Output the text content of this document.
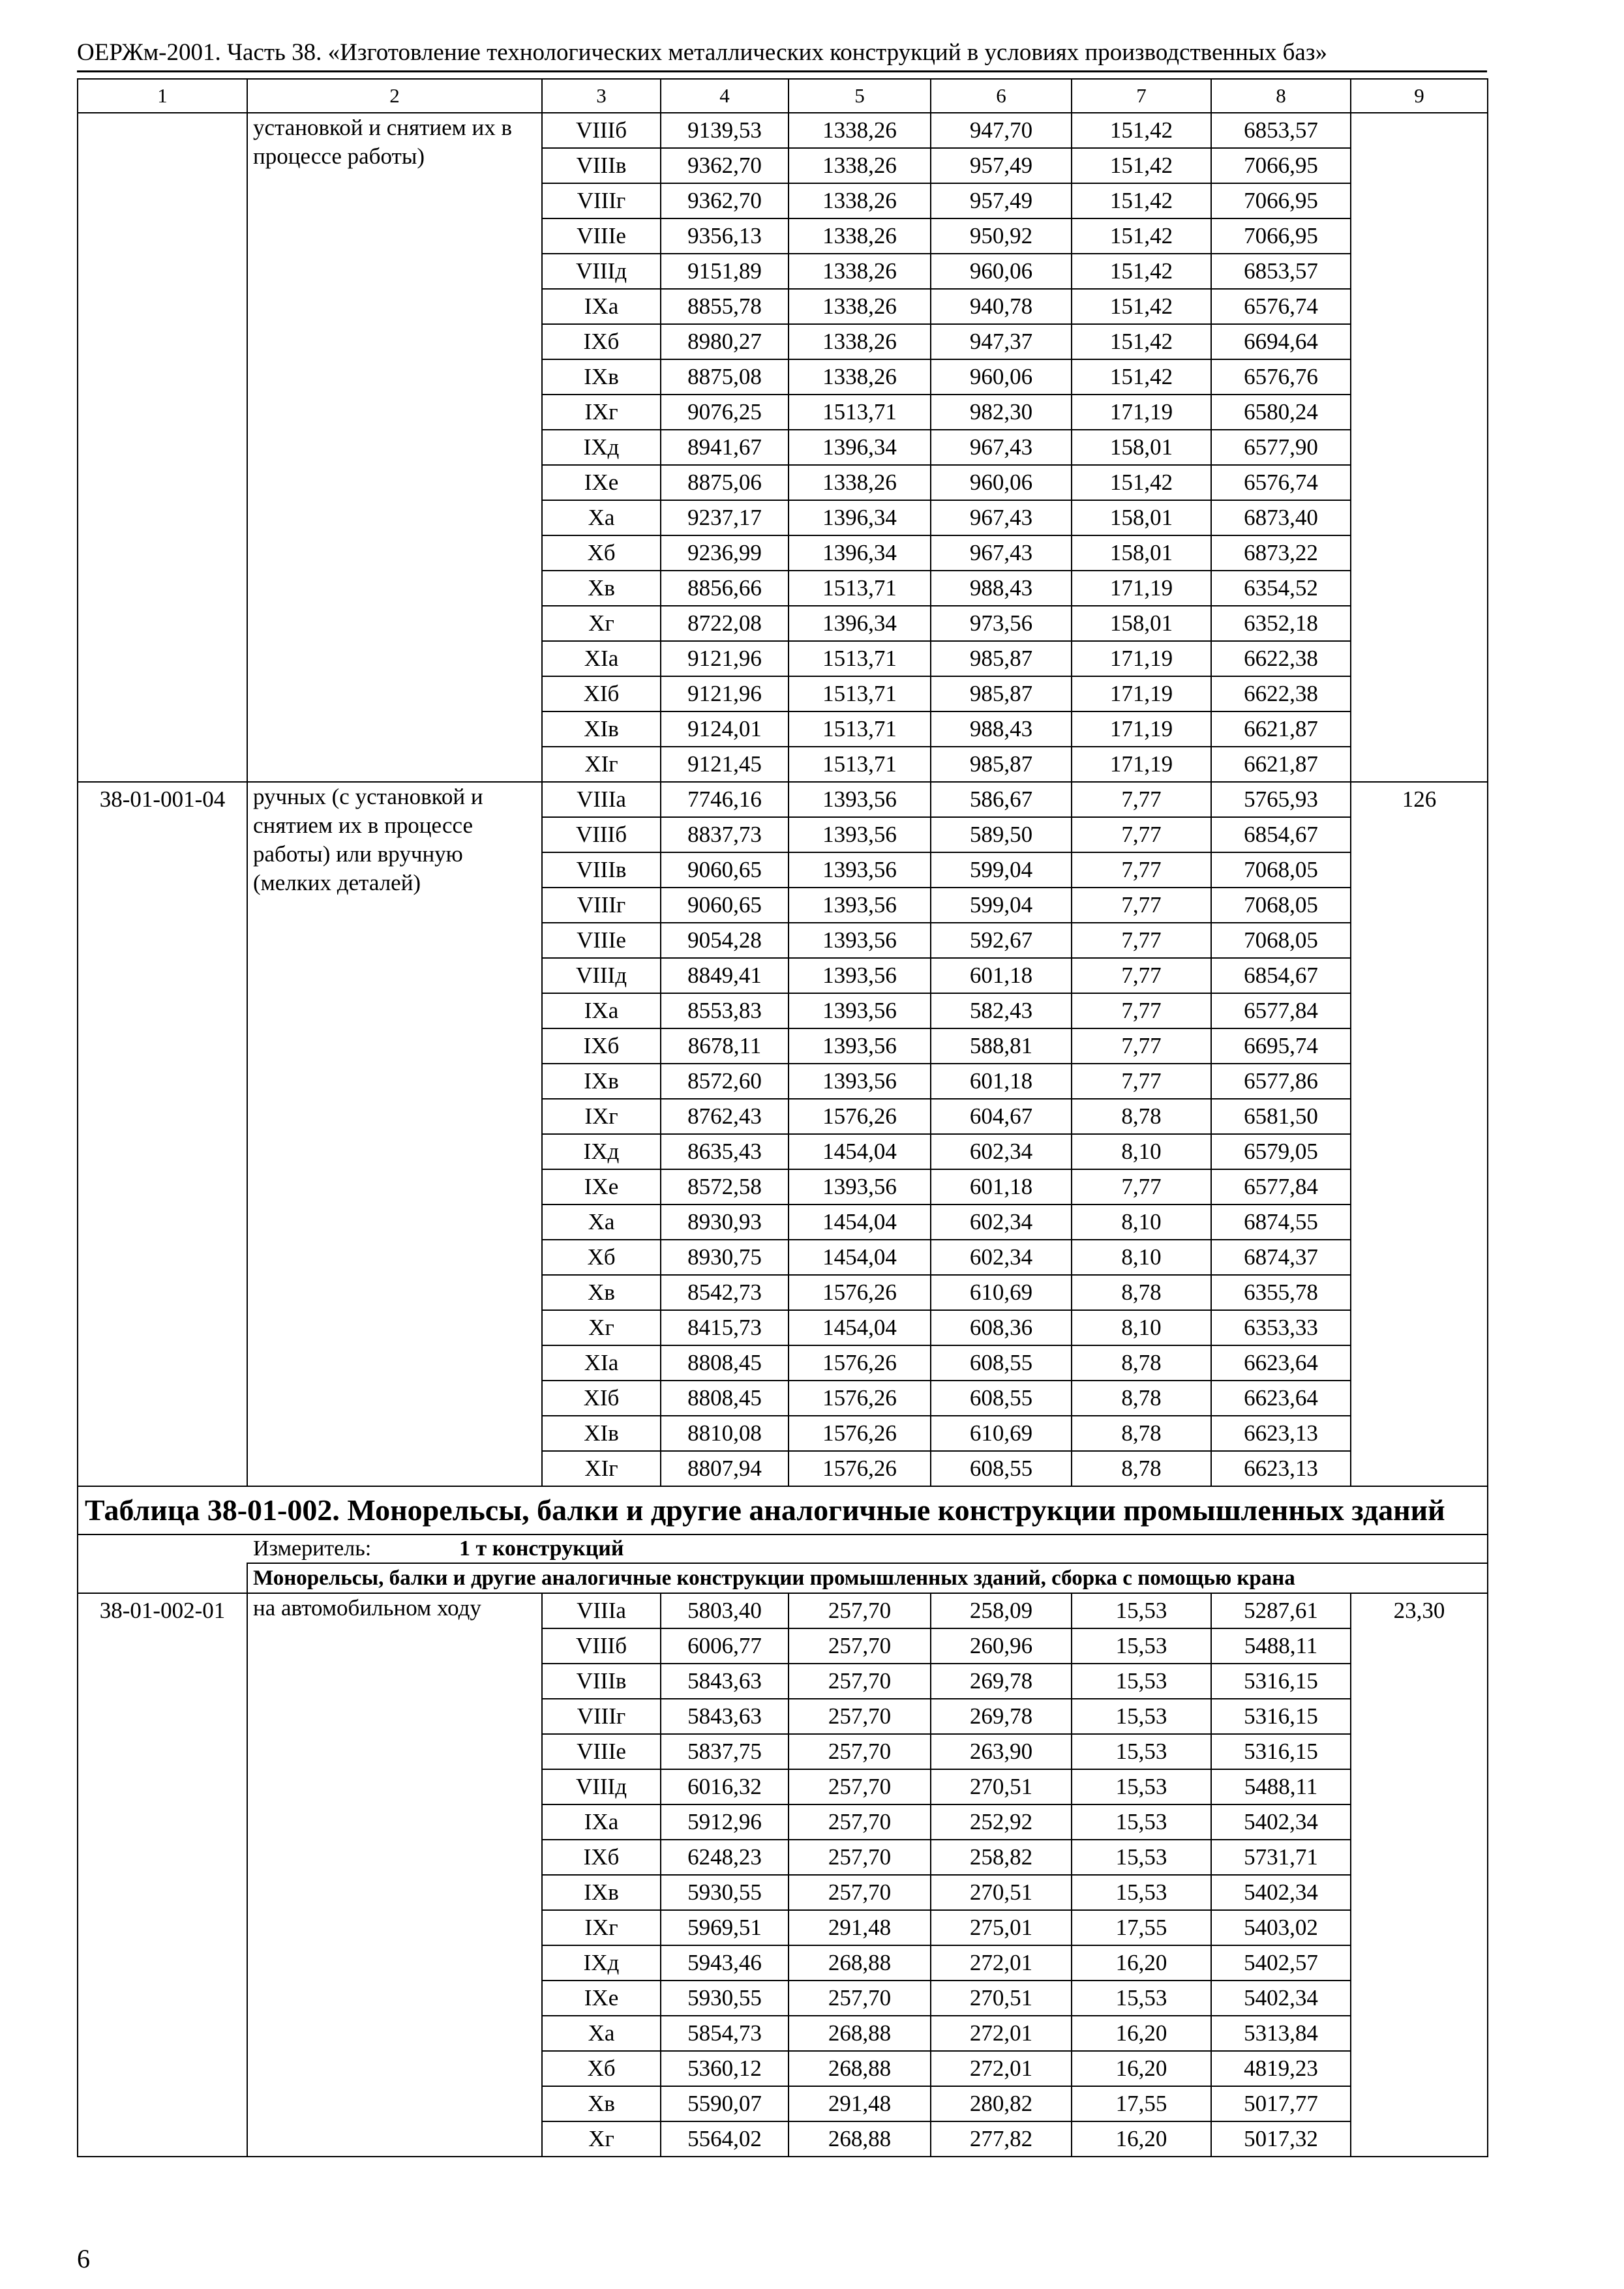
ОЕРЖм-2001. Часть 38. «Изготовление технологических металлических конструкций в условиях производственных баз»
1	2	3	4	5	6	7	8	9
	установкой и снятием их в процессе работы)	VIIIб	9139,53	1338,26	947,70	151,42	6853,57	
		VIIIв	9362,70	1338,26	957,49	151,42	7066,95	
		VIIIг	9362,70	1338,26	957,49	151,42	7066,95	
		VIIIе	9356,13	1338,26	950,92	151,42	7066,95	
		VIIIд	9151,89	1338,26	960,06	151,42	6853,57	
		IXа	8855,78	1338,26	940,78	151,42	6576,74	
		IXб	8980,27	1338,26	947,37	151,42	6694,64	
		IXв	8875,08	1338,26	960,06	151,42	6576,76	
		IXг	9076,25	1513,71	982,30	171,19	6580,24	
		IXд	8941,67	1396,34	967,43	158,01	6577,90	
		IXе	8875,06	1338,26	960,06	151,42	6576,74	
		Xа	9237,17	1396,34	967,43	158,01	6873,40	
		Xб	9236,99	1396,34	967,43	158,01	6873,22	
		Xв	8856,66	1513,71	988,43	171,19	6354,52	
		Xг	8722,08	1396,34	973,56	158,01	6352,18	
		XIа	9121,96	1513,71	985,87	171,19	6622,38	
		XIб	9121,96	1513,71	985,87	171,19	6622,38	
		XIв	9124,01	1513,71	988,43	171,19	6621,87	
		XIг	9121,45	1513,71	985,87	171,19	6621,87	
38-01-001-04	ручных (с установкой и снятием их в процессе работы) или вручную (мелких деталей)	VIIIа	7746,16	1393,56	586,67	7,77	5765,93	126
		VIIIб	8837,73	1393,56	589,50	7,77	6854,67	
		VIIIв	9060,65	1393,56	599,04	7,77	7068,05	
		VIIIг	9060,65	1393,56	599,04	7,77	7068,05	
		VIIIе	9054,28	1393,56	592,67	7,77	7068,05	
		VIIIд	8849,41	1393,56	601,18	7,77	6854,67	
		IXа	8553,83	1393,56	582,43	7,77	6577,84	
		IXб	8678,11	1393,56	588,81	7,77	6695,74	
		IXв	8572,60	1393,56	601,18	7,77	6577,86	
		IXг	8762,43	1576,26	604,67	8,78	6581,50	
		IXд	8635,43	1454,04	602,34	8,10	6579,05	
		IXе	8572,58	1393,56	601,18	7,77	6577,84	
		Xа	8930,93	1454,04	602,34	8,10	6874,55	
		Xб	8930,75	1454,04	602,34	8,10	6874,37	
		Xв	8542,73	1576,26	610,69	8,78	6355,78	
		Xг	8415,73	1454,04	608,36	8,10	6353,33	
		XIа	8808,45	1576,26	608,55	8,78	6623,64	
		XIб	8808,45	1576,26	608,55	8,78	6623,64	
		XIв	8810,08	1576,26	610,69	8,78	6623,13	
		XIг	8807,94	1576,26	608,55	8,78	6623,13	
Таблица 38-01-002. Монорельсы, балки и другие аналогичные конструкции промышленных зданий								
Измеритель: 1 т конструкций								
	Монорельсы, балки и другие аналогичные конструкции промышленных зданий, сборка с помощью крана							
38-01-002-01	на автомобильном ходу	VIIIа	5803,40	257,70	258,09	15,53	5287,61	23,30
		VIIIб	6006,77	257,70	260,96	15,53	5488,11	
		VIIIв	5843,63	257,70	269,78	15,53	5316,15	
		VIIIг	5843,63	257,70	269,78	15,53	5316,15	
		VIIIе	5837,75	257,70	263,90	15,53	5316,15	
		VIIIд	6016,32	257,70	270,51	15,53	5488,11	
		IXа	5912,96	257,70	252,92	15,53	5402,34	
		IXб	6248,23	257,70	258,82	15,53	5731,71	
		IXв	5930,55	257,70	270,51	15,53	5402,34	
		IXг	5969,51	291,48	275,01	17,55	5403,02	
		IXд	5943,46	268,88	272,01	16,20	5402,57	
		IXе	5930,55	257,70	270,51	15,53	5402,34	
		Xа	5854,73	268,88	272,01	16,20	5313,84	
		Xб	5360,12	268,88	272,01	16,20	4819,23	
		Xв	5590,07	291,48	280,82	17,55	5017,77	
		Xг	5564,02	268,88	277,82	16,20	5017,32	
6
